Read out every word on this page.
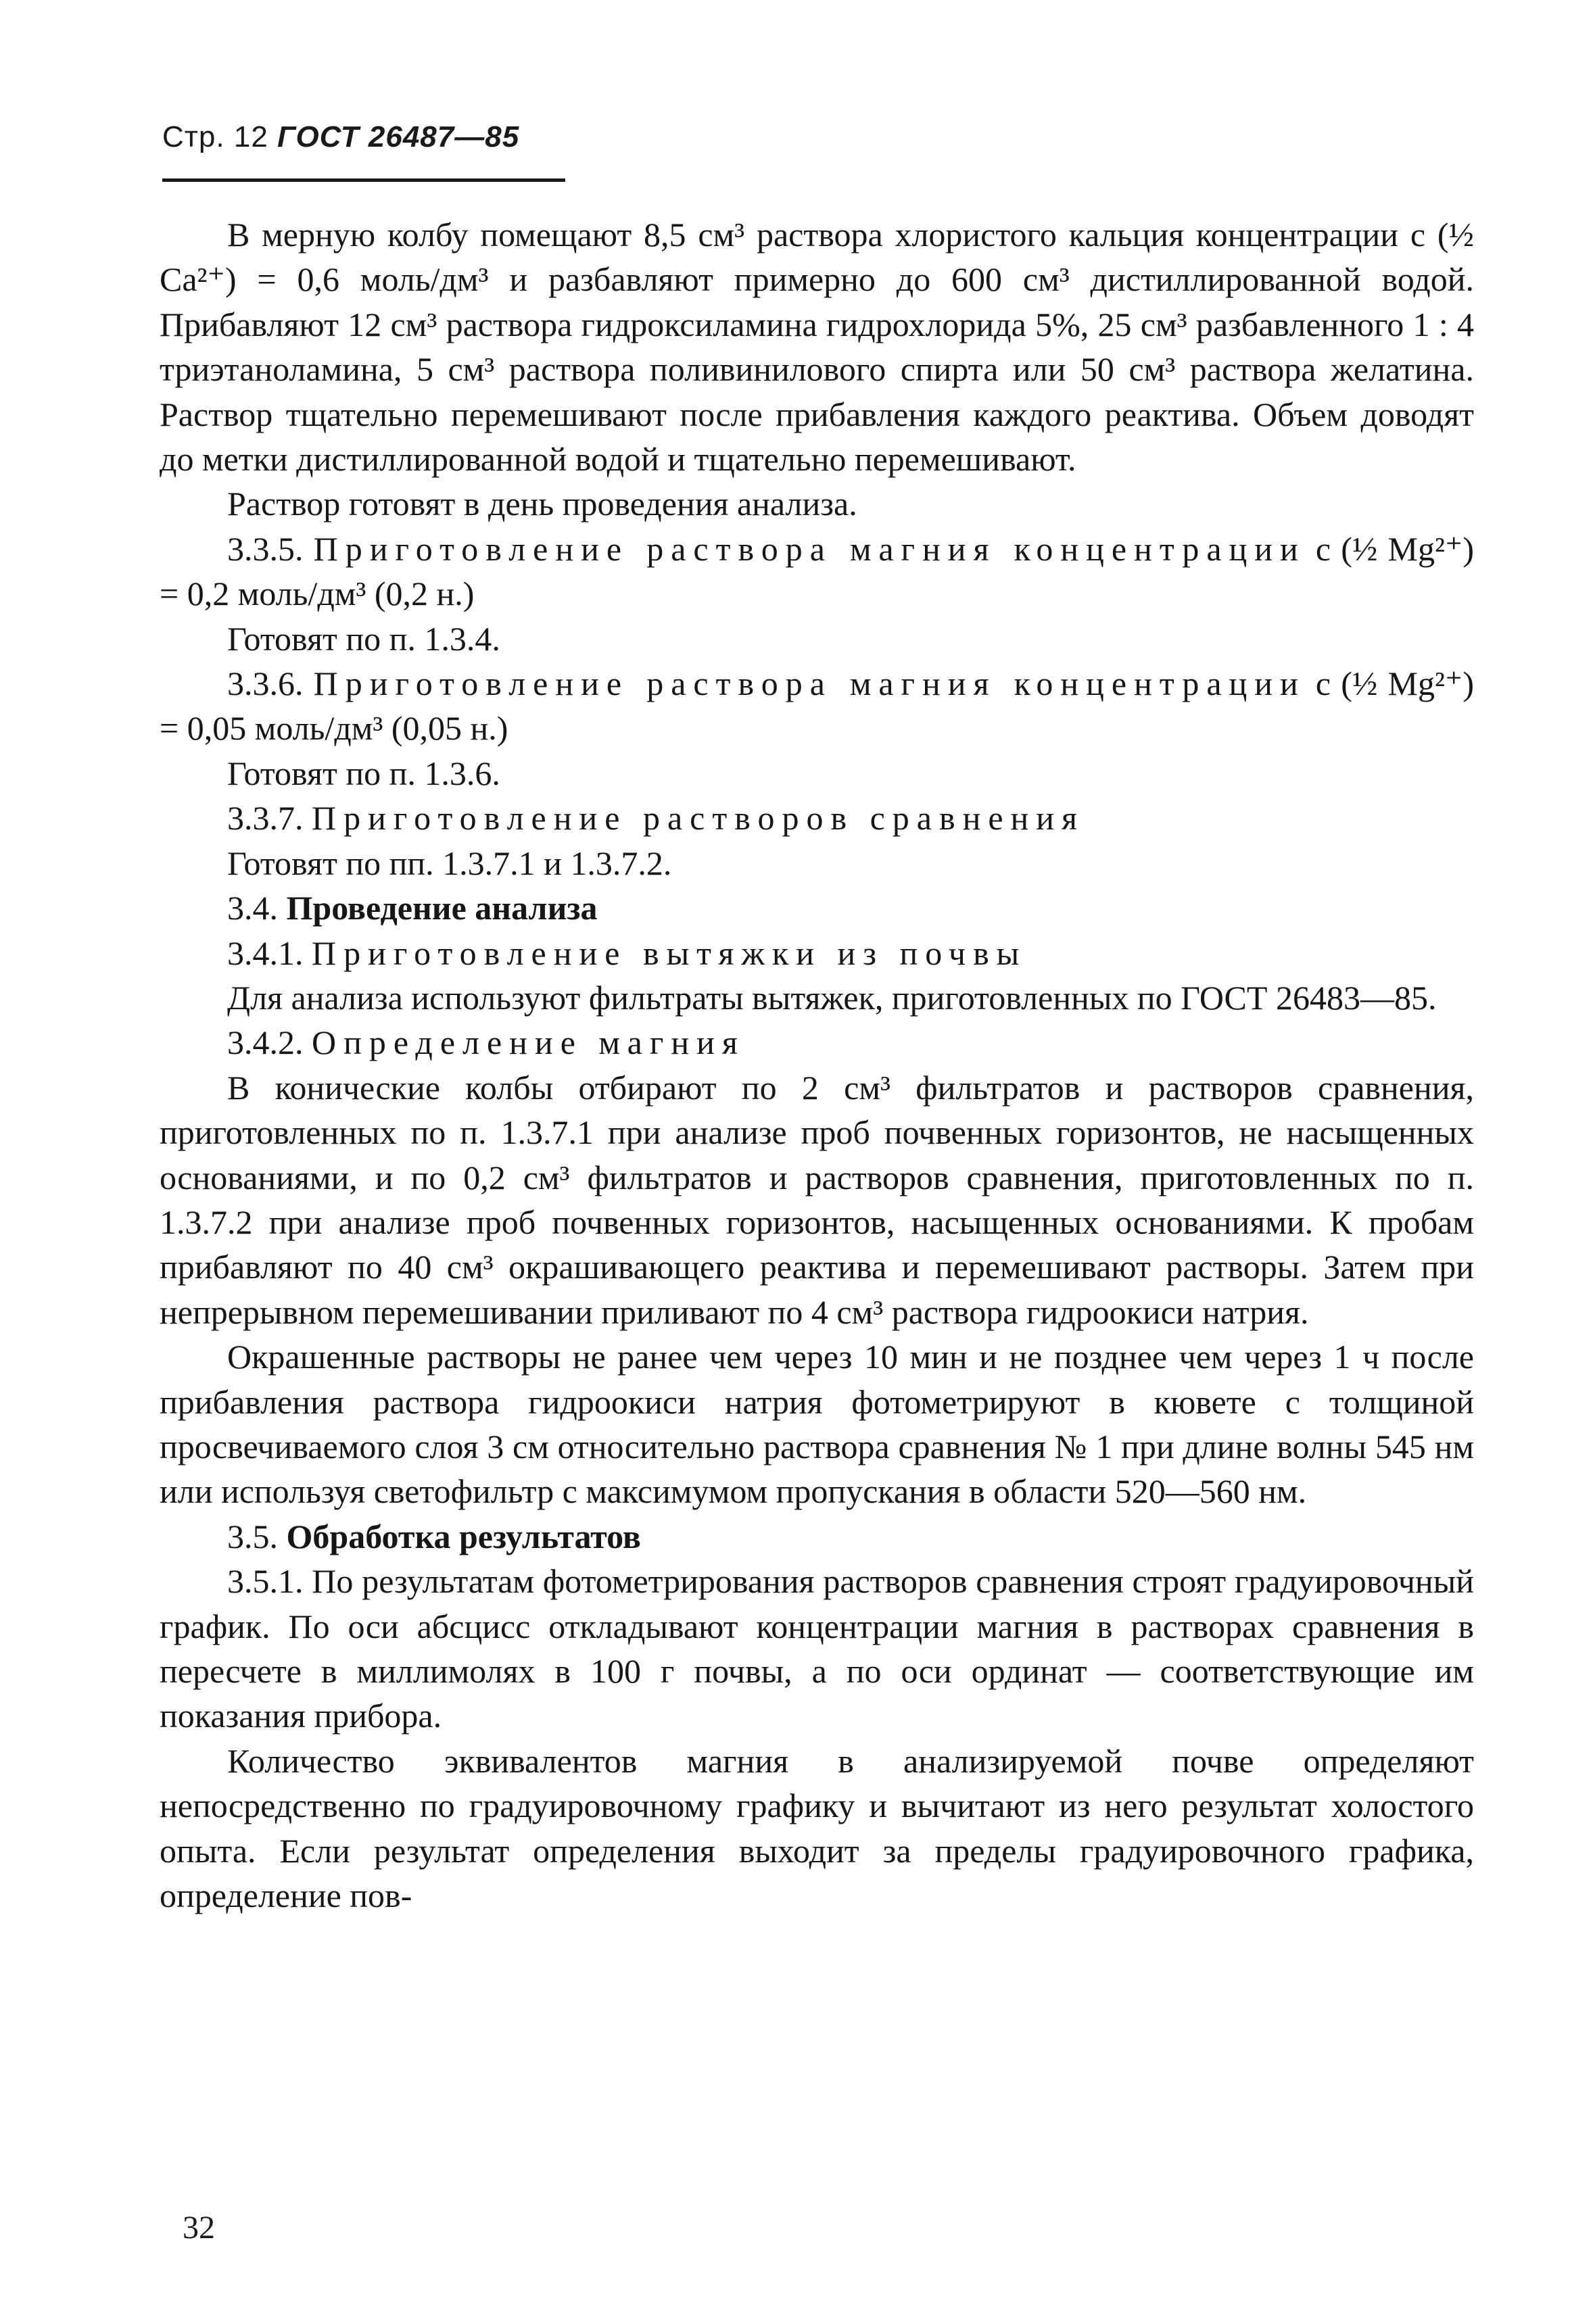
Стр. 12 ГОСТ 26487—85

В мерную колбу помещают 8,5 см³ раствора хлористого кальция концентрации с (½ Ca²⁺) = 0,6 моль/дм³ и разбавляют примерно до 600 см³ дистиллированной водой. Прибавляют 12 см³ раствора гидроксиламина гидрохлорида 5%, 25 см³ разбавленного 1 : 4 триэтаноламина, 5 см³ раствора поливинилового спирта или 50 см³ раствора желатина. Раствор тщательно перемешивают после прибавления каждого реактива. Объем доводят до метки дистиллированной водой и тщательно перемешивают.

Раствор готовят в день проведения анализа.

3.3.5. Приготовление раствора магния концентрации с (½ Mg²⁺) = 0,2 моль/дм³ (0,2 н.)

Готовят по п. 1.3.4.

3.3.6. Приготовление раствора магния концентрации с (½ Mg²⁺) = 0,05 моль/дм³ (0,05 н.)

Готовят по п. 1.3.6.

3.3.7. Приготовление растворов сравнения

Готовят по пп. 1.3.7.1 и 1.3.7.2.

3.4. Проведение анализа

3.4.1. Приготовление вытяжки из почвы

Для анализа используют фильтраты вытяжек, приготовленных по ГОСТ 26483—85.

3.4.2. Определение магния

В конические колбы отбирают по 2 см³ фильтратов и растворов сравнения, приготовленных по п. 1.3.7.1 при анализе проб почвенных горизонтов, не насыщенных основаниями, и по 0,2 см³ фильтратов и растворов сравнения, приготовленных по п. 1.3.7.2 при анализе проб почвенных горизонтов, насыщенных основаниями. К пробам прибавляют по 40 см³ окрашивающего реактива и перемешивают растворы. Затем при непрерывном перемешивании приливают по 4 см³ раствора гидроокиси натрия.

Окрашенные растворы не ранее чем через 10 мин и не позднее чем через 1 ч после прибавления раствора гидроокиси натрия фотометрируют в кювете с толщиной просвечиваемого слоя 3 см относительно раствора сравнения № 1 при длине волны 545 нм или используя светофильтр с максимумом пропускания в области 520—560 нм.

3.5. Обработка результатов

3.5.1. По результатам фотометрирования растворов сравнения строят градуировочный график. По оси абсцисс откладывают концентрации магния в растворах сравнения в пересчете в миллимолях в 100 г почвы, а по оси ординат — соответствующие им показания прибора.

Количество эквивалентов магния в анализируемой почве определяют непосредственно по градуировочному графику и вычитают из него результат холостого опыта. Если результат определения выходит за пределы градуировочного графика, определение пов-

32
